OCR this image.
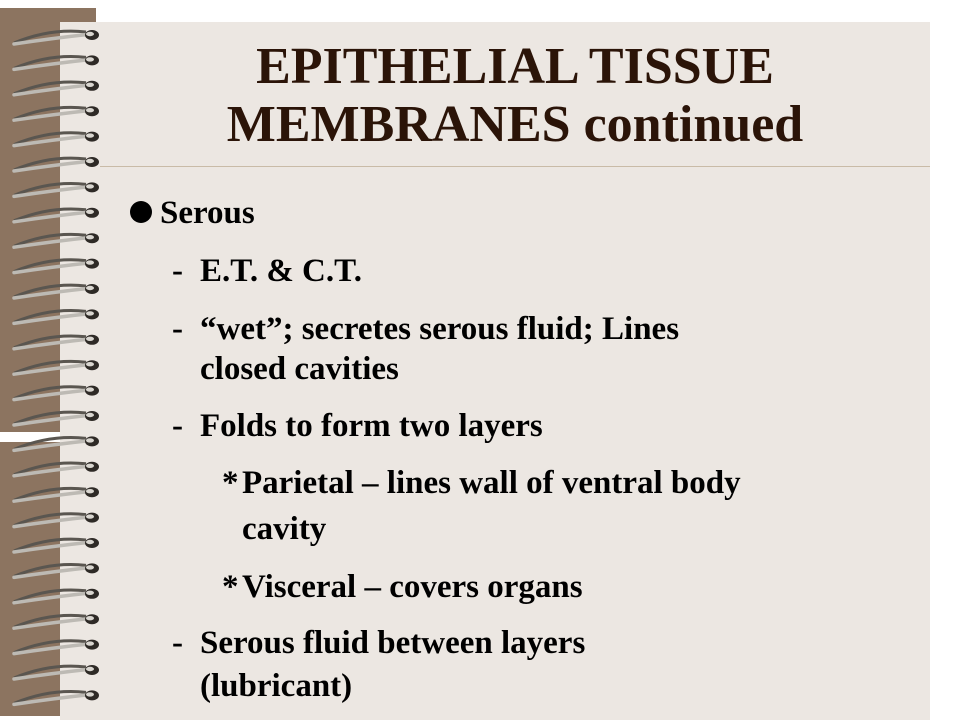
EPITHELIAL TISSUE
MEMBRANES continued
Serous
- E.T. & C.T.
- “wet”; secretes serous fluid; Lines
closed cavities
- Folds to form two layers
* Parietal – lines wall of ventral body
cavity
* Visceral – covers organs
- Serous fluid between layers
(lubricant)
